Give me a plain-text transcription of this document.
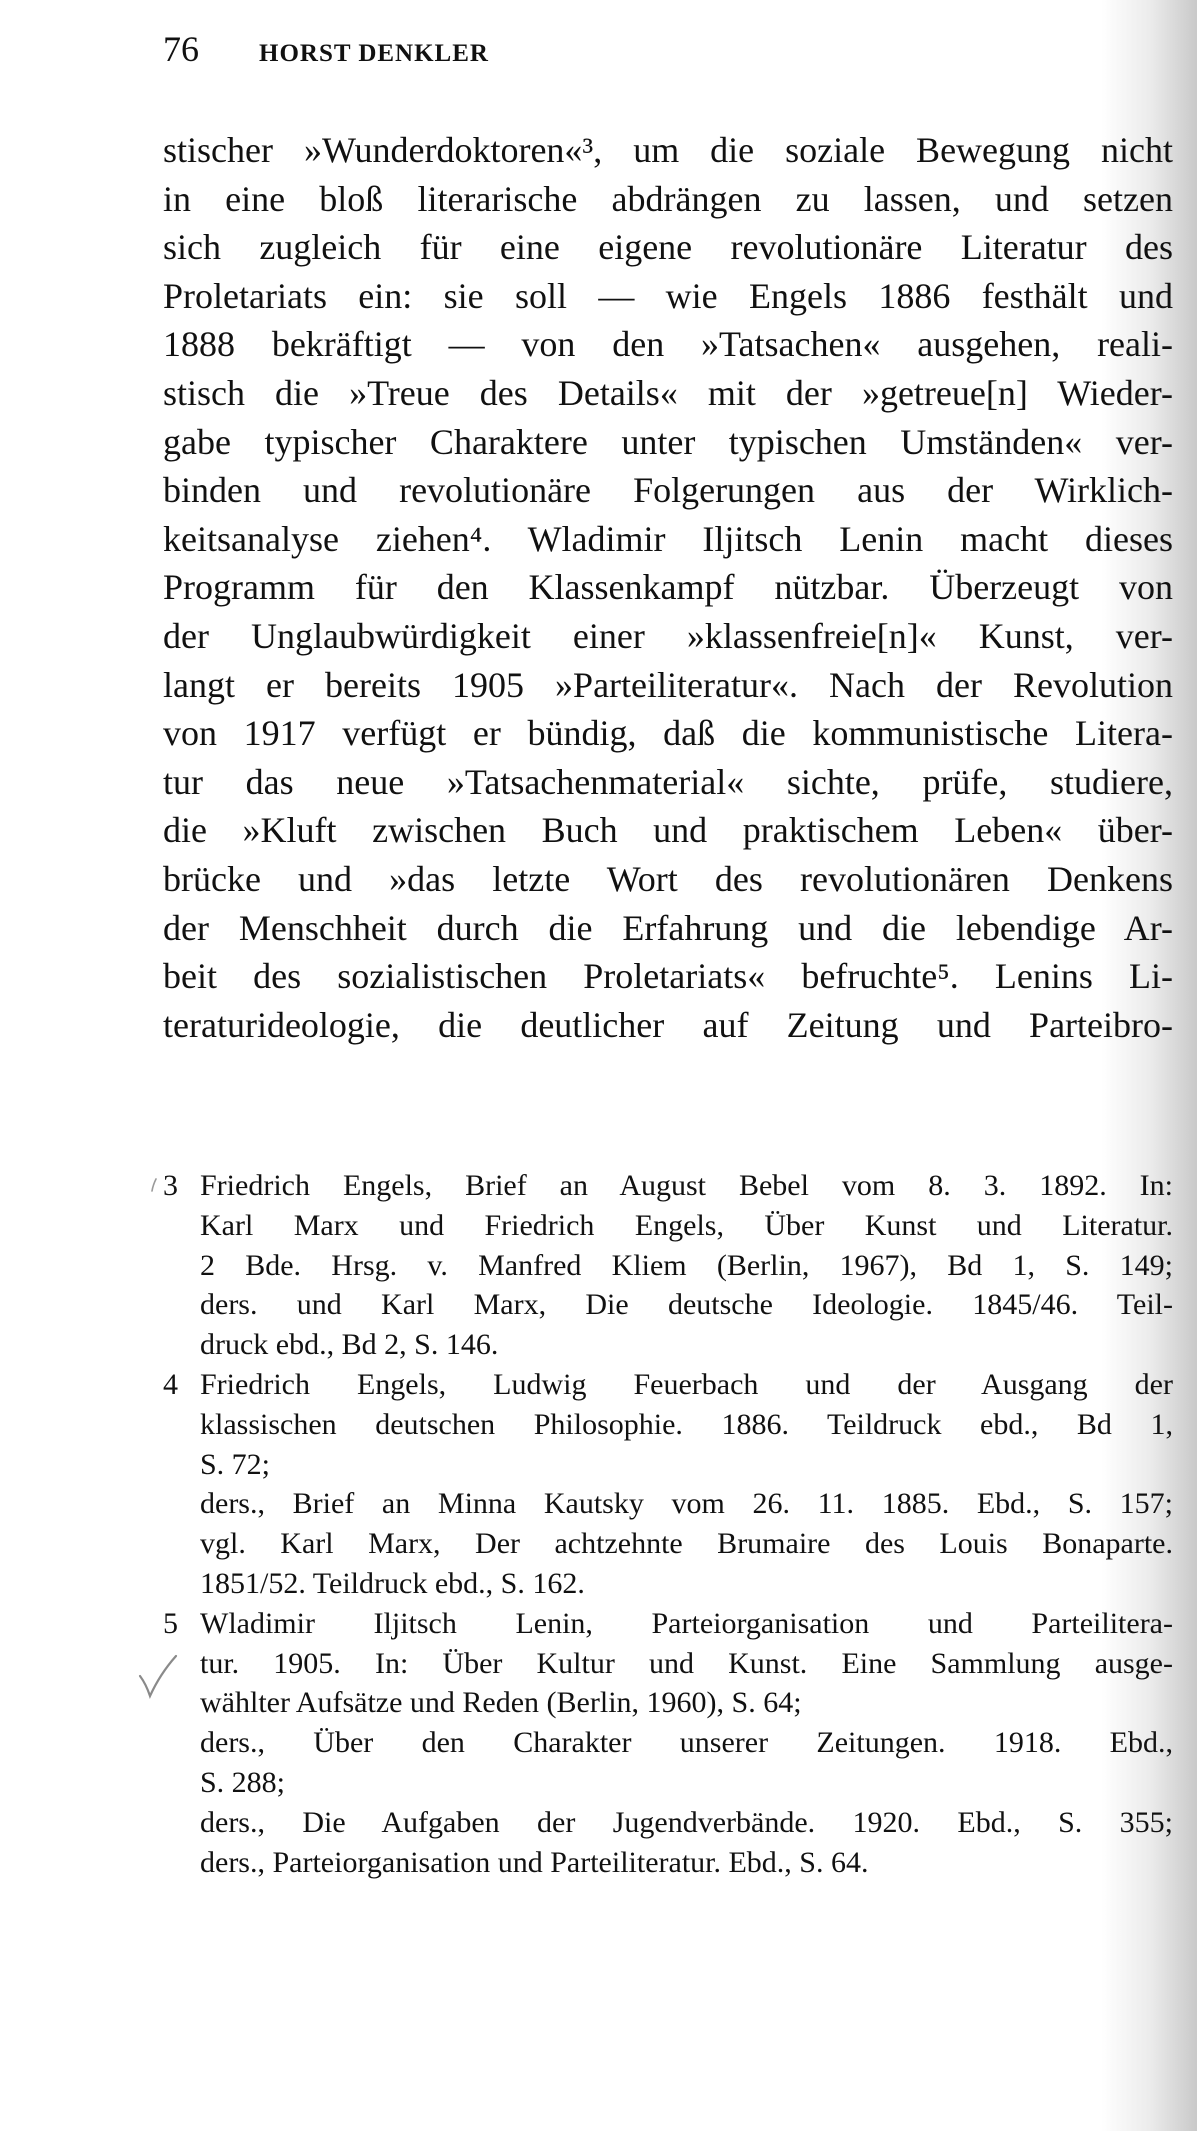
76	HORST DENKLER
stischer »Wunderdoktoren«³, um die soziale Bewegung nicht
in eine bloß literarische abdrängen zu lassen, und setzen
sich zugleich für eine eigene revolutionäre Literatur des
Proletariats ein: sie soll — wie Engels 1886 festhält und
1888 bekräftigt — von den »Tatsachen« ausgehen, reali-
stisch die »Treue des Details« mit der »getreue[n] Wieder-
gabe typischer Charaktere unter typischen Umständen« ver-
binden und revolutionäre Folgerungen aus der Wirklich-
keitsanalyse ziehen⁴. Wladimir Iljitsch Lenin macht dieses
Programm für den Klassenkampf nützbar. Überzeugt von
der Unglaubwürdigkeit einer »klassenfreie[n]« Kunst, ver-
langt er bereits 1905 »Parteiliteratur«. Nach der Revolution
von 1917 verfügt er bündig, daß die kommunistische Litera-
tur das neue »Tatsachenmaterial« sichte, prüfe, studiere,
die »Kluft zwischen Buch und praktischem Leben« über-
brücke und »das letzte Wort des revolutionären Denkens
der Menschheit durch die Erfahrung und die lebendige Ar-
beit des sozialistischen Proletariats« befruchte⁵. Lenins Li-
teraturideologie, die deutlicher auf Zeitung und Parteibro-
3 Friedrich Engels, Brief an August Bebel vom 8. 3. 1892. In:
Karl Marx und Friedrich Engels, Über Kunst und Literatur.
2 Bde. Hrsg. v. Manfred Kliem (Berlin, 1967), Bd 1, S. 149;
ders. und Karl Marx, Die deutsche Ideologie. 1845/46. Teil-
druck ebd., Bd 2, S. 146.
4 Friedrich Engels, Ludwig Feuerbach und der Ausgang der
klassischen deutschen Philosophie. 1886. Teildruck ebd., Bd 1,
S. 72;
ders., Brief an Minna Kautsky vom 26. 11. 1885. Ebd., S. 157;
vgl. Karl Marx, Der achtzehnte Brumaire des Louis Bonaparte.
1851/52. Teildruck ebd., S. 162.
5 Wladimir Iljitsch Lenin, Parteiorganisation und Parteilitera-
tur. 1905. In: Über Kultur und Kunst. Eine Sammlung ausge-
wählter Aufsätze und Reden (Berlin, 1960), S. 64;
ders., Über den Charakter unserer Zeitungen. 1918. Ebd.,
S. 288;
ders., Die Aufgaben der Jugendverbände. 1920. Ebd., S. 355;
ders., Parteiorganisation und Parteiliteratur. Ebd., S. 64.
